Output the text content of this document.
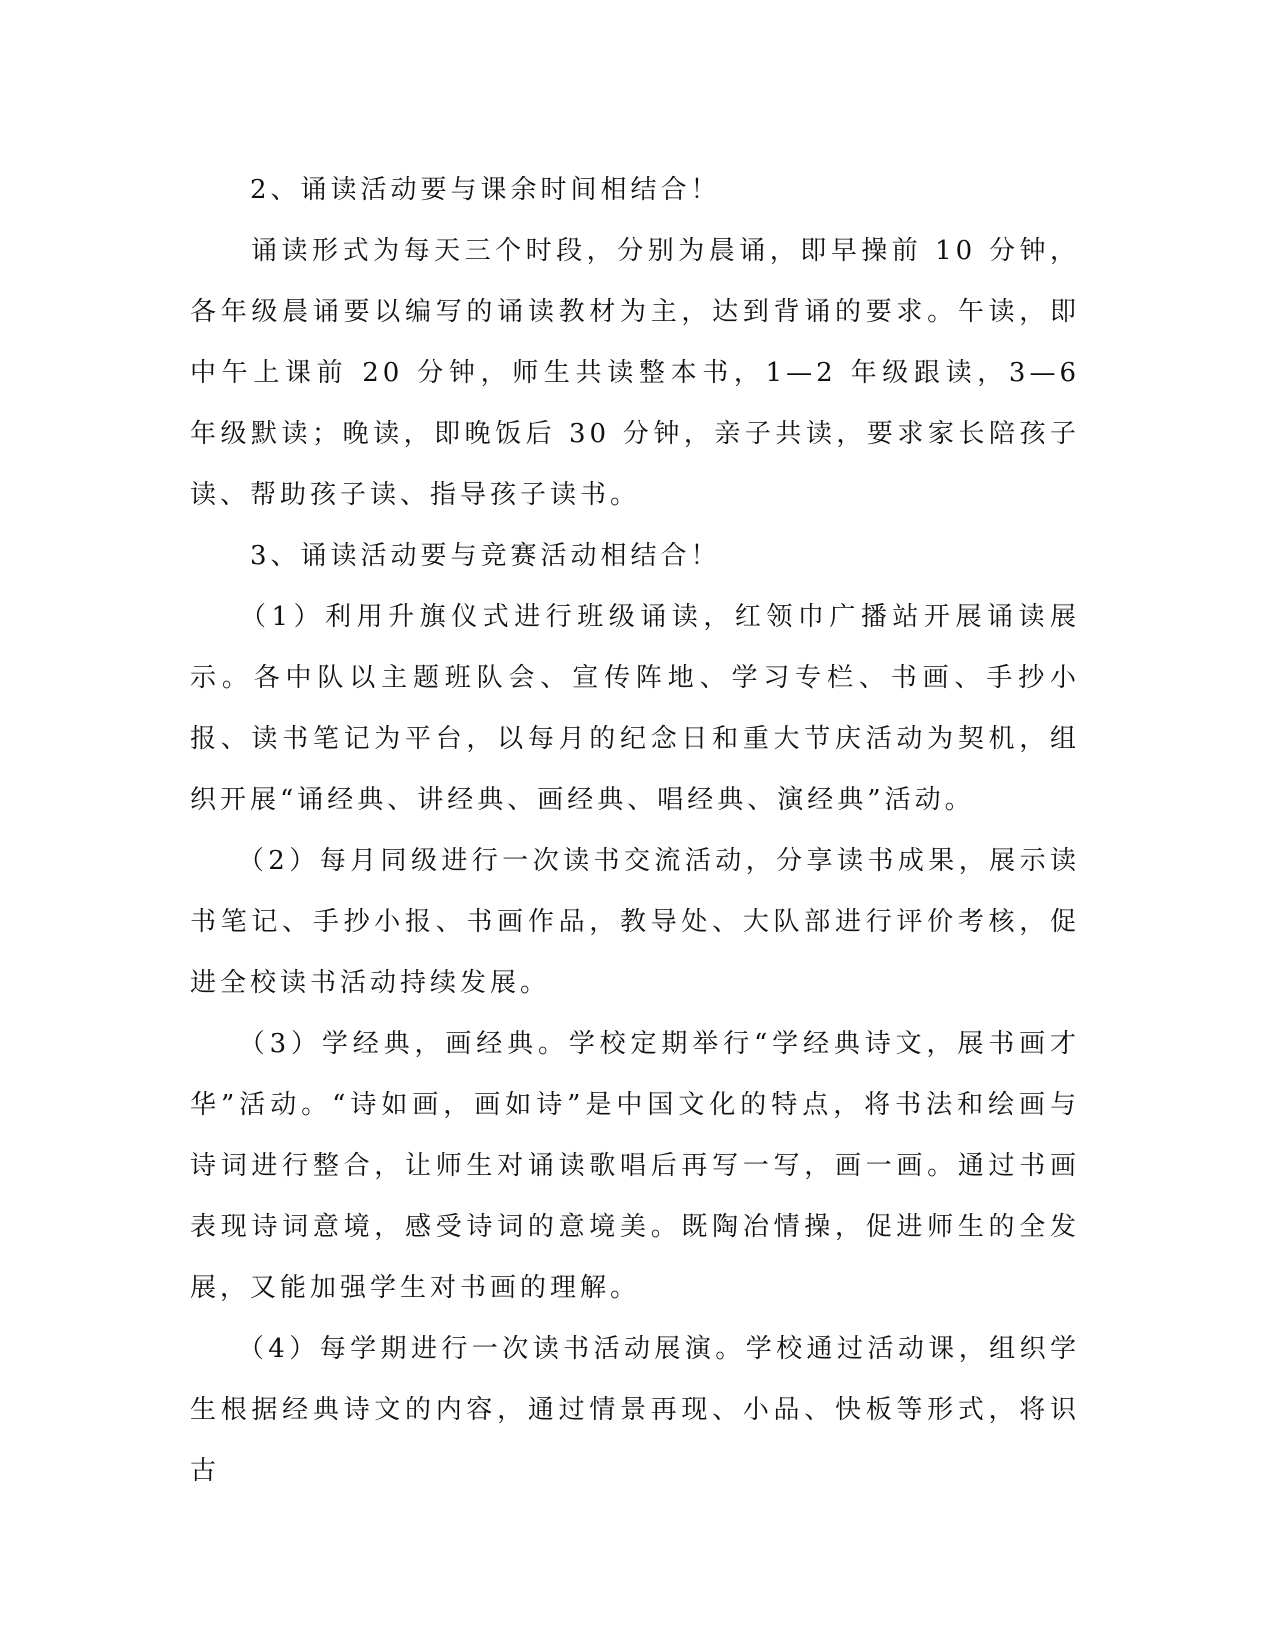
　　2、诵读活动要与课余时间相结合！

　　诵读形式为每天三个时段，分别为晨诵，即早操前 10 分钟，各年级晨诵要以编写的诵读教材为主，达到背诵的要求。午读，即中午上课前 20 分钟，师生共读整本书，1—2 年级跟读，3—6 年级默读；晚读，即晚饭后 30 分钟，亲子共读，要求家长陪孩子读、帮助孩子读、指导孩子读书。

　　3、诵读活动要与竞赛活动相结合！

　　（1）利用升旗仪式进行班级诵读，红领巾广播站开展诵读展示。各中队以主题班队会、宣传阵地、学习专栏、书画、手抄小报、读书笔记为平台，以每月的纪念日和重大节庆活动为契机，组织开展“诵经典、讲经典、画经典、唱经典、演经典”活动。

　　（2）每月同级进行一次读书交流活动，分享读书成果，展示读书笔记、手抄小报、书画作品，教导处、大队部进行评价考核，促进全校读书活动持续发展。

　　（3）学经典，画经典。学校定期举行“学经典诗文，展书画才华”活动。“诗如画，画如诗”是中国文化的特点，将书法和绘画与诗词进行整合，让师生对诵读歌唱后再写一写，画一画。通过书画表现诗词意境，感受诗词的意境美。既陶冶情操，促进师生的全发展，又能加强学生对书画的理解。

　　（4）每学期进行一次读书活动展演。学校通过活动课，组织学生根据经典诗文的内容，通过情景再现、小品、快板等形式，将识古
